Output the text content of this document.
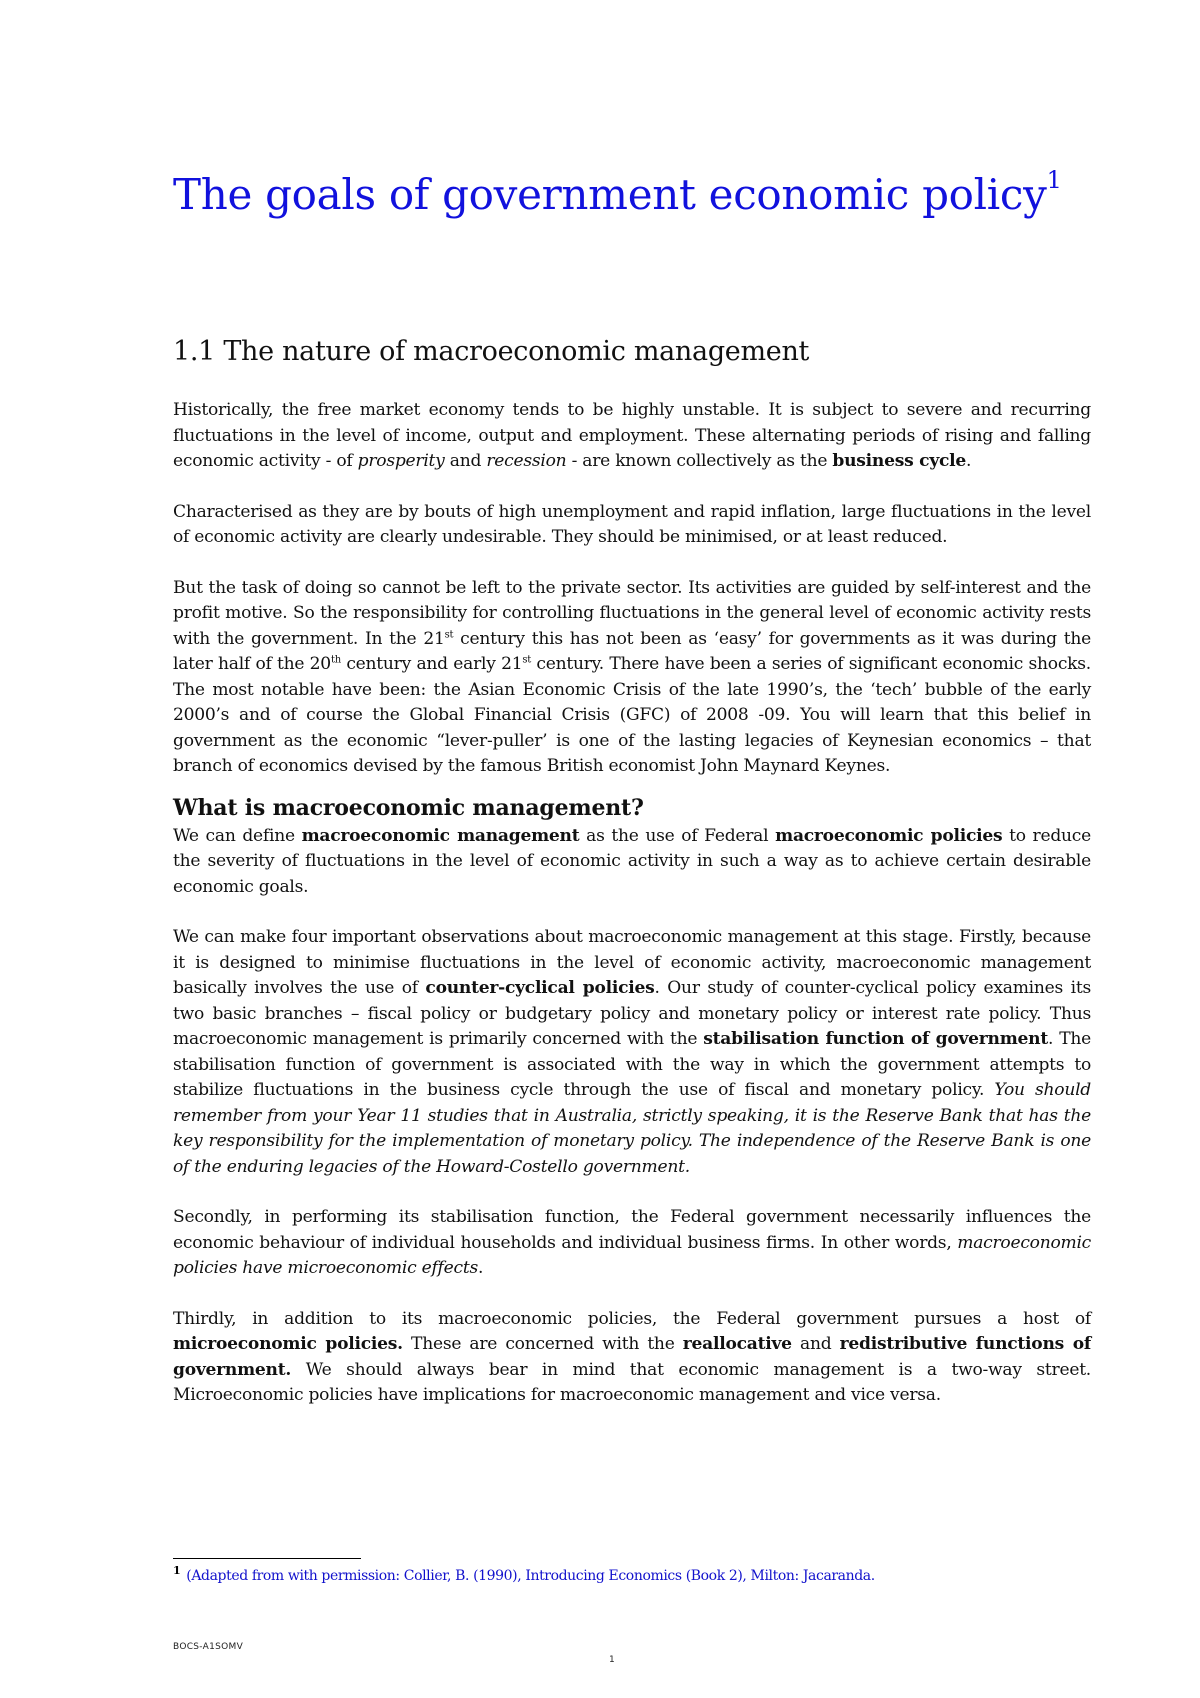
The goals of government economic policy$^1$
1.1 The nature of macroeconomic management

Historically, the free market economy tends to be highly unstable. It is subject to severe and recurring fluctuations in the level of income, output and employment. These alternating periods of rising and falling economic activity - of prosperity and recession - are known collectively as the business cycle.

Characterised as they are by bouts of high unemployment and rapid inflation, large fluctuations in the level of economic activity are clearly undesirable. They should be minimised, or at least reduced.

But the task of doing so cannot be left to the private sector. Its activities are guided by self-interest and the profit motive. So the responsibility for controlling fluctuations in the general level of economic activity rests with the government. In the 21st century this has not been as ‘easy’ for governments as it was during the later half of the 20th century and early 21st century. There have been a series of significant economic shocks. The most notable have been: the Asian Economic Crisis of the late 1990’s, the ‘tech’ bubble of the early 2000’s and of course the Global Financial Crisis (GFC) of 2008 -09. You will learn that this belief in government as the economic “lever-puller’ is one of the lasting legacies of Keynesian economics – that branch of economics devised by the famous British economist John Maynard Keynes.

What is macroeconomic management?

We can define macroeconomic management as the use of Federal macroeconomic policies to reduce the severity of fluctuations in the level of economic activity in such a way as to achieve certain desirable economic goals.

We can make four important observations about macroeconomic management at this stage. Firstly, because it is designed to minimise fluctuations in the level of economic activity, macroeconomic management basically involves the use of counter-cyclical policies. Our study of counter-cyclical policy examines its two basic branches – fiscal policy or budgetary policy and monetary policy or interest rate policy. Thus macroeconomic management is primarily concerned with the stabilisation function of government. The stabilisation function of government is associated with the way in which the government attempts to stabilize fluctuations in the business cycle through the use of fiscal and monetary policy. You should remember from your Year 11 studies that in Australia, strictly speaking, it is the Reserve Bank that has the key responsibility for the implementation of monetary policy. The independence of the Reserve Bank is one of the enduring legacies of the Howard-Costello government.

Secondly, in performing its stabilisation function, the Federal government necessarily influences the economic behaviour of individual households and individual business firms. In other words, macroeconomic policies have microeconomic effects.

Thirdly, in addition to its macroeconomic policies, the Federal government pursues a host of microeconomic policies. These are concerned with the reallocative and redistributive functions of government. We should always bear in mind that economic management is a two-way street. Microeconomic policies have implications for macroeconomic management and vice versa.

$^1$ (Adapted from with permission: Collier, B. (1990), Introducing Economics (Book 2), Milton: Jacaranda.
BOCS-A1SOMV
1
